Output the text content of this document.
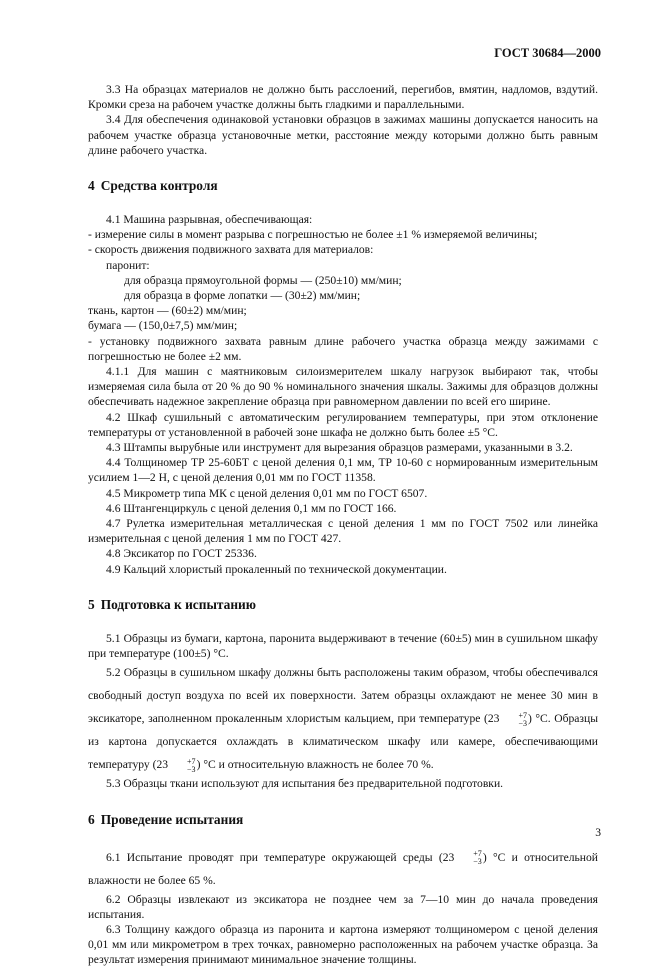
ГОСТ 30684—2000

3.3 На образцах материалов не должно быть расслоений, перегибов, вмятин, надломов, вздутий. Кромки среза на рабочем участке должны быть гладкими и параллельными.

3.4 Для обеспечения одинаковой установки образцов в зажимах машины допускается наносить на рабочем участке образца установочные метки, расстояние между которыми должно быть равным длине рабочего участка.

4 Средства контроля

4.1 Машина разрывная, обеспечивающая:

- измерение силы в момент разрыва с погрешностью не более ±1 % измеряемой величины;

- скорость движения подвижного захвата для материалов:

паронит:

для образца прямоугольной формы — (250±10) мм/мин;

для образца в форме лопатки — (30±2) мм/мин;

ткань, картон — (60±2) мм/мин;

бумага — (150,0±7,5) мм/мин;

- установку подвижного захвата равным длине рабочего участка образца между зажимами с погрешностью не более ±2 мм.

4.1.1 Для машин с маятниковым силоизмерителем шкалу нагрузок выбирают так, чтобы измеряемая сила была от 20 % до 90 % номинального значения шкалы. Зажимы для образцов должны обеспечивать надежное закрепление образца при равномерном давлении по всей его ширине.

4.2 Шкаф сушильный с автоматическим регулированием температуры, при этом отклонение температуры от установленной в рабочей зоне шкафа не должно быть более ±5 °С.

4.3 Штампы вырубные или инструмент для вырезания образцов размерами, указанными в 3.2.

4.4 Толщиномер ТР 25-60БТ с ценой деления 0,1 мм, ТР 10-60 с нормированным измерительным усилием 1—2 Н, с ценой деления 0,01 мм по ГОСТ 11358.

4.5 Микрометр типа МК с ценой деления 0,01 мм по ГОСТ 6507.

4.6 Штангенциркуль с ценой деления 0,1 мм по ГОСТ 166.

4.7 Рулетка измерительная металлическая с ценой деления 1 мм по ГОСТ 7502 или линейка измерительная с ценой деления 1 мм по ГОСТ 427.

4.8 Эксикатор по ГОСТ 25336.

4.9 Кальций хлористый прокаленный по технической документации.

5 Подготовка к испытанию

5.1 Образцы из бумаги, картона, паронита выдерживают в течение (60±5) мин в сушильном шкафу при температуре (100±5) °С.

5.2 Образцы в сушильном шкафу должны быть расположены таким образом, чтобы обеспечивался свободный доступ воздуха по всей их поверхности. Затем образцы охлаждают не менее 30 мин в эксикаторе, заполненном прокаленным хлористым кальцием, при температуре (23	+7
−3 ) °С. Образцы из картона допускается охлаждать в климатическом шкафу или камере, обеспечивающими температуру (23	+7
−3 ) °С и относительную влажность не более 70 %.

5.3 Образцы ткани используют для испытания без предварительной подготовки.

6 Проведение испытания

6.1 Испытание проводят при температуре окружающей среды (23	+7
−3 ) °С и относительной влажности не более 65 %.

6.2 Образцы извлекают из эксикатора не позднее чем за 7—10 мин до начала проведения испытания.

6.3 Толщину каждого образца из паронита и картона измеряют толщиномером с ценой деления 0,01 мм или микрометром в трех точках, равномерно расположенных на рабочем участке образца. За результат измерения принимают минимальное значение толщины.

3
